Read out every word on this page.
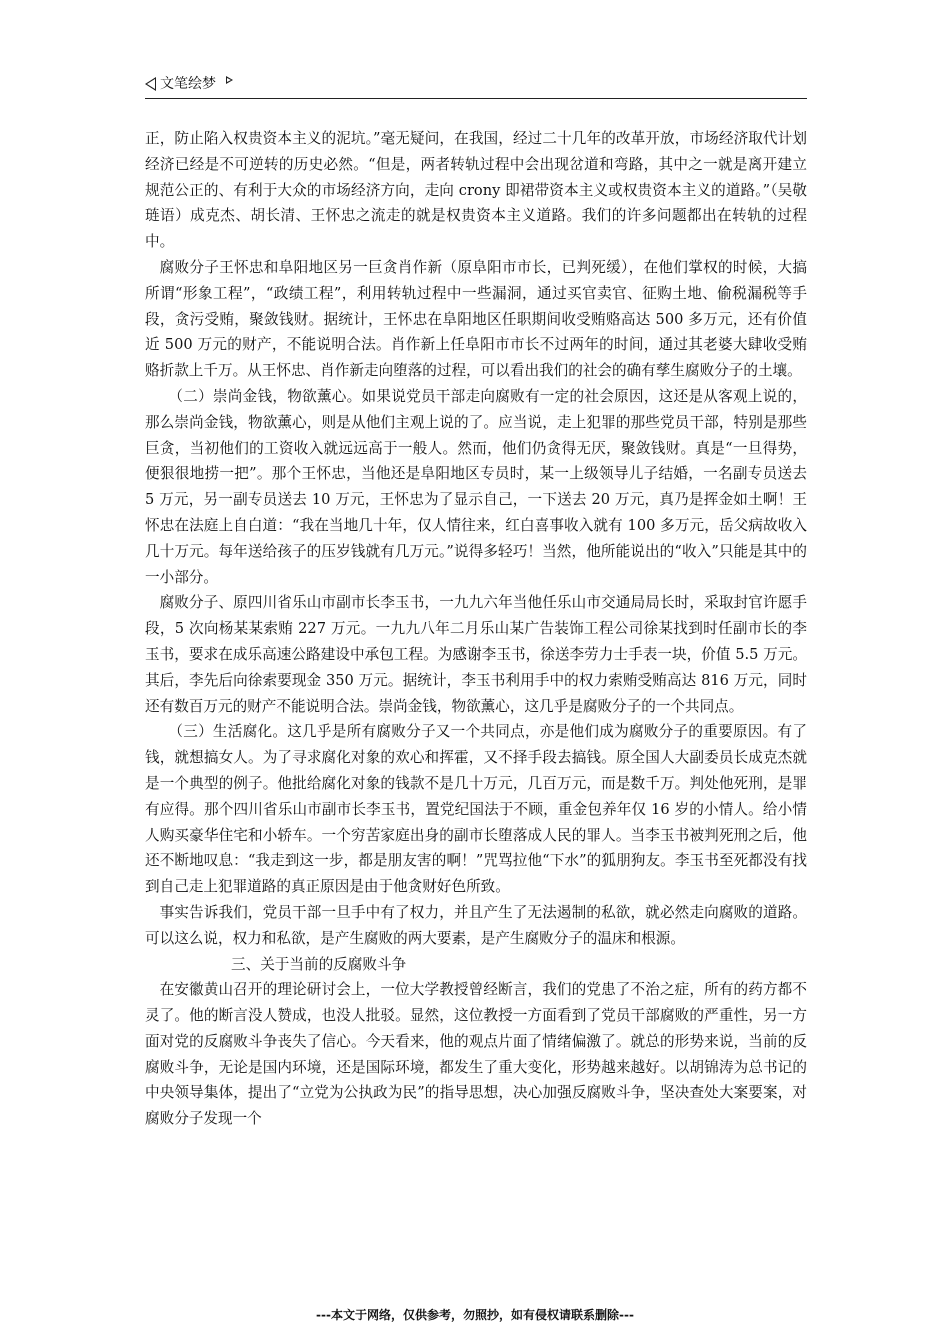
文笔绘梦

正，防止陷入权贵资本主义的泥坑。”毫无疑问，在我国，经过二十几年的改革开放，市场经济取代计划经济已经是不可逆转的历史必然。“但是，两者转轨过程中会出现岔道和弯路，其中之一就是离开建立规范公正的、有利于大众的市场经济方向，走向 crony 即裙带资本主义或权贵资本主义的道路。”（吴敬琏语）成克杰、胡长清、王怀忠之流走的就是权贵资本主义道路。我们的许多问题都出在转轨的过程中。

腐败分子王怀忠和阜阳地区另一巨贪肖作新（原阜阳市市长，已判死缓），在他们掌权的时候，大搞所谓“形象工程”，“政绩工程”，利用转轨过程中一些漏洞，通过买官卖官、征购土地、偷税漏税等手段，贪污受贿，聚敛钱财。据统计，王怀忠在阜阳地区任职期间收受贿赂高达 500 多万元，还有价值近 500 万元的财产，不能说明合法。肖作新上任阜阳市市长不过两年的时间，通过其老婆大肆收受贿赂折款上千万。从王怀忠、肖作新走向堕落的过程，可以看出我们的社会的确有孳生腐败分子的土壤。

（二）崇尚金钱，物欲薰心。如果说党员干部走向腐败有一定的社会原因，这还是从客观上说的，那么崇尚金钱，物欲薰心，则是从他们主观上说的了。应当说，走上犯罪的那些党员干部，特别是那些巨贪，当初他们的工资收入就远远高于一般人。然而，他们仍贪得无厌，聚敛钱财。真是“一旦得势，便狠很地捞一把”。那个王怀忠，当他还是阜阳地区专员时，某一上级领导儿子结婚，一名副专员送去 5 万元，另一副专员送去 10 万元，王怀忠为了显示自己，一下送去 20 万元，真乃是挥金如土啊！王怀忠在法庭上自白道：“我在当地几十年，仅人情往来，红白喜事收入就有 100 多万元，岳父病故收入几十万元。每年送给孩子的压岁钱就有几万元。”说得多轻巧！当然，他所能说出的“收入”只能是其中的一小部分。

腐败分子、原四川省乐山市副市长李玉书，一九九六年当他任乐山市交通局局长时，采取封官许愿手段，5 次向杨某某索贿 227 万元。一九九八年二月乐山某广告装饰工程公司徐某找到时任副市长的李玉书，要求在成乐高速公路建设中承包工程。为感谢李玉书，徐送李劳力士手表一块，价值 5.5 万元。其后，李先后向徐索要现金 350 万元。据统计，李玉书利用手中的权力索贿受贿高达 816 万元，同时还有数百万元的财产不能说明合法。崇尚金钱，物欲薰心，这几乎是腐败分子的一个共同点。

（三）生活腐化。这几乎是所有腐败分子又一个共同点，亦是他们成为腐败分子的重要原因。有了钱，就想搞女人。为了寻求腐化对象的欢心和挥霍，又不择手段去搞钱。原全国人大副委员长成克杰就是一个典型的例子。他批给腐化对象的钱款不是几十万元，几百万元，而是数千万。判处他死刑，是罪有应得。那个四川省乐山市副市长李玉书，置党纪国法于不顾，重金包养年仅 16 岁的小情人。给小情人购买豪华住宅和小轿车。一个穷苦家庭出身的副市长堕落成人民的罪人。当李玉书被判死刑之后，他还不断地叹息：“我走到这一步，都是朋友害的啊！”咒骂拉他“下水”的狐朋狗友。李玉书至死都没有找到自己走上犯罪道路的真正原因是由于他贪财好色所致。

事实告诉我们，党员干部一旦手中有了权力，并且产生了无法遏制的私欲，就必然走向腐败的道路。可以这么说，权力和私欲，是产生腐败的两大要素，是产生腐败分子的温床和根源。

三、关于当前的反腐败斗争

在安徽黄山召开的理论研讨会上，一位大学教授曾经断言，我们的党患了不治之症，所有的药方都不灵了。他的断言没人赞成，也没人批驳。显然，这位教授一方面看到了党员干部腐败的严重性，另一方面对党的反腐败斗争丧失了信心。今天看来，他的观点片面了情绪偏激了。就总的形势来说，当前的反腐败斗争，无论是国内环境，还是国际环境，都发生了重大变化，形势越来越好。以胡锦涛为总书记的中央领导集体，提出了“立党为公执政为民”的指导思想，决心加强反腐败斗争，坚决查处大案要案，对腐败分子发现一个

---本文于网络，仅供参考，勿照抄，如有侵权请联系删除---
